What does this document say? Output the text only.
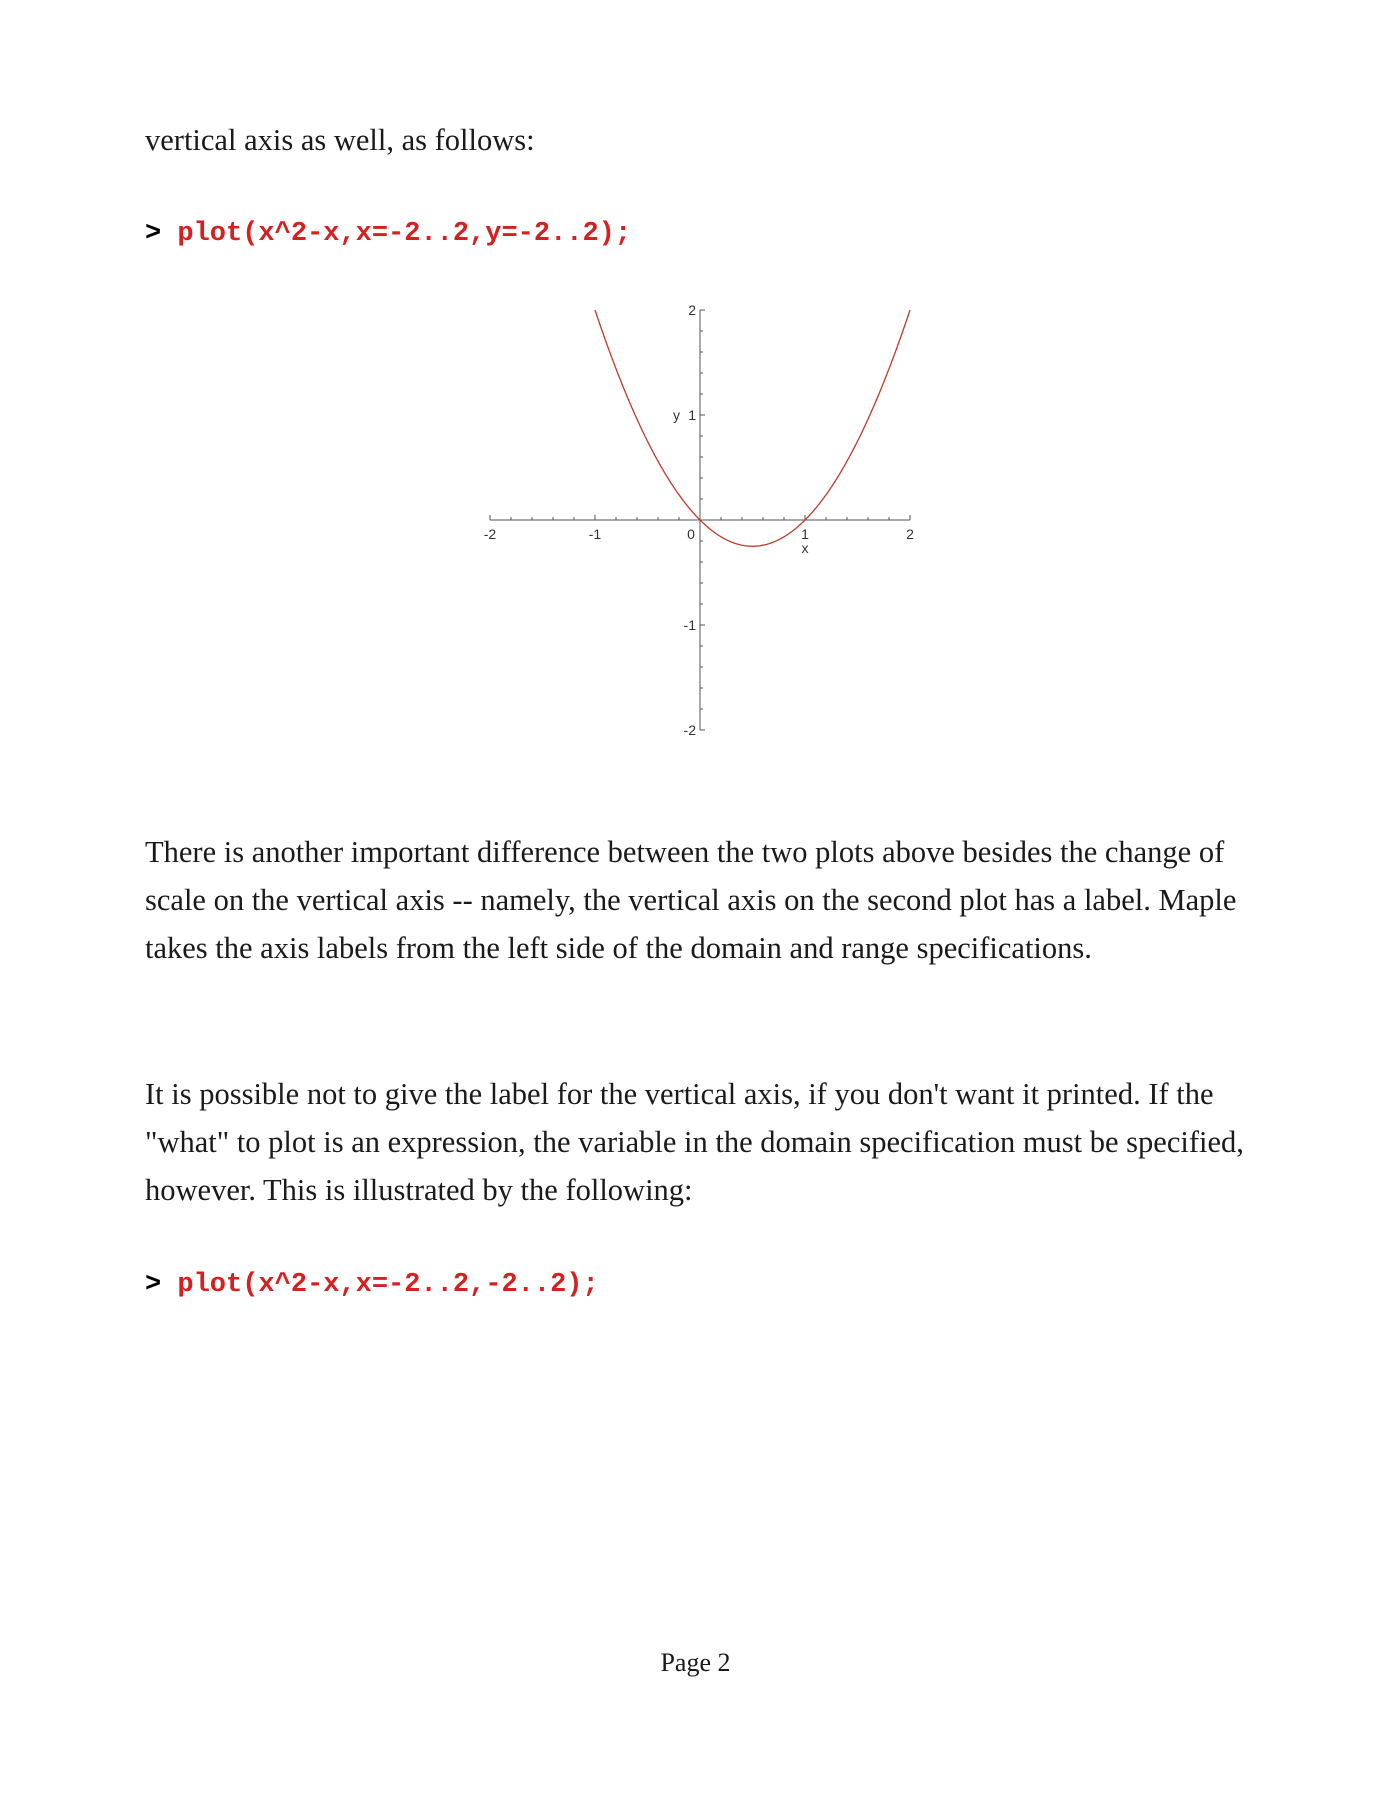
vertical axis as well, as follows:

> plot(x^2-x,x=-2..2,y=-2..2);
-2	-1	0	1	2
2
1
-1
-2
x
y

There is another important difference between the two plots above besides the change of scale on the vertical axis -- namely, the vertical axis on the second plot has a label. Maple takes the axis labels from the left side of the domain and range specifications.

It is possible not to give the label for the vertical axis, if you don't want it printed. If the "what" to plot is an expression, the variable in the domain specification must be specified, however. This is illustrated by the following:

> plot(x^2-x,x=-2..2,-2..2);
Page 2
